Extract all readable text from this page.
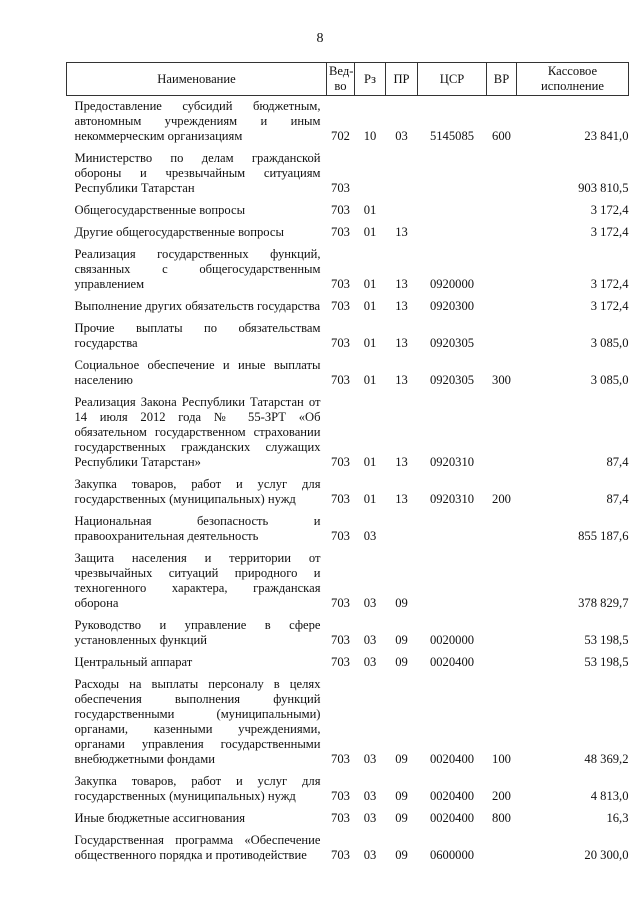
8
Наименование	Вед-во	Рз	ПР	ЦСР	ВР	Кассовое исполнение
Предоставление субсидий бюджетным, автономным учреждениям и иным некоммерческим организациям	702	10	03	5145085	600	23 841,0
Министерство по делам гражданской обороны и чрезвычайным ситуациям Республики Татарстан	703					903 810,5
Общегосударственные вопросы	703	01				3 172,4
Другие общегосударственные вопросы	703	01	13			3 172,4
Реализация государственных функций, связанных с общегосударственным управлением	703	01	13	0920000		3 172,4
Выполнение других обязательств государства	703	01	13	0920300		3 172,4
Прочие выплаты по обязательствам государства	703	01	13	0920305		3 085,0
Социальное обеспечение и иные выплаты населению	703	01	13	0920305	300	3 085,0
Реализация Закона Республики Татарстан от 14 июля 2012 года № 55-ЗРТ «Об обязательном государственном страховании государственных гражданских служащих Республики Татарстан»	703	01	13	0920310		87,4
Закупка товаров, работ и услуг для государственных (муниципальных) нужд	703	01	13	0920310	200	87,4
Национальная безопасность и правоохранительная деятельность	703	03				855 187,6
Защита населения и территории от чрезвычайных ситуаций природного и техногенного характера, гражданская оборона	703	03	09			378 829,7
Руководство и управление в сфере установленных функций	703	03	09	0020000		53 198,5
Центральный аппарат	703	03	09	0020400		53 198,5
Расходы на выплаты персоналу в целях обеспечения выполнения функций государственными (муниципальными) органами, казенными учреждениями, органами управления государственными внебюджетными фондами	703	03	09	0020400	100	48 369,2
Закупка товаров, работ и услуг для государственных (муниципальных) нужд	703	03	09	0020400	200	4 813,0
Иные бюджетные ассигнования	703	03	09	0020400	800	16,3
Государственная программа «Обеспечение общественного порядка и противодействие	703	03	09	0600000		20 300,0
